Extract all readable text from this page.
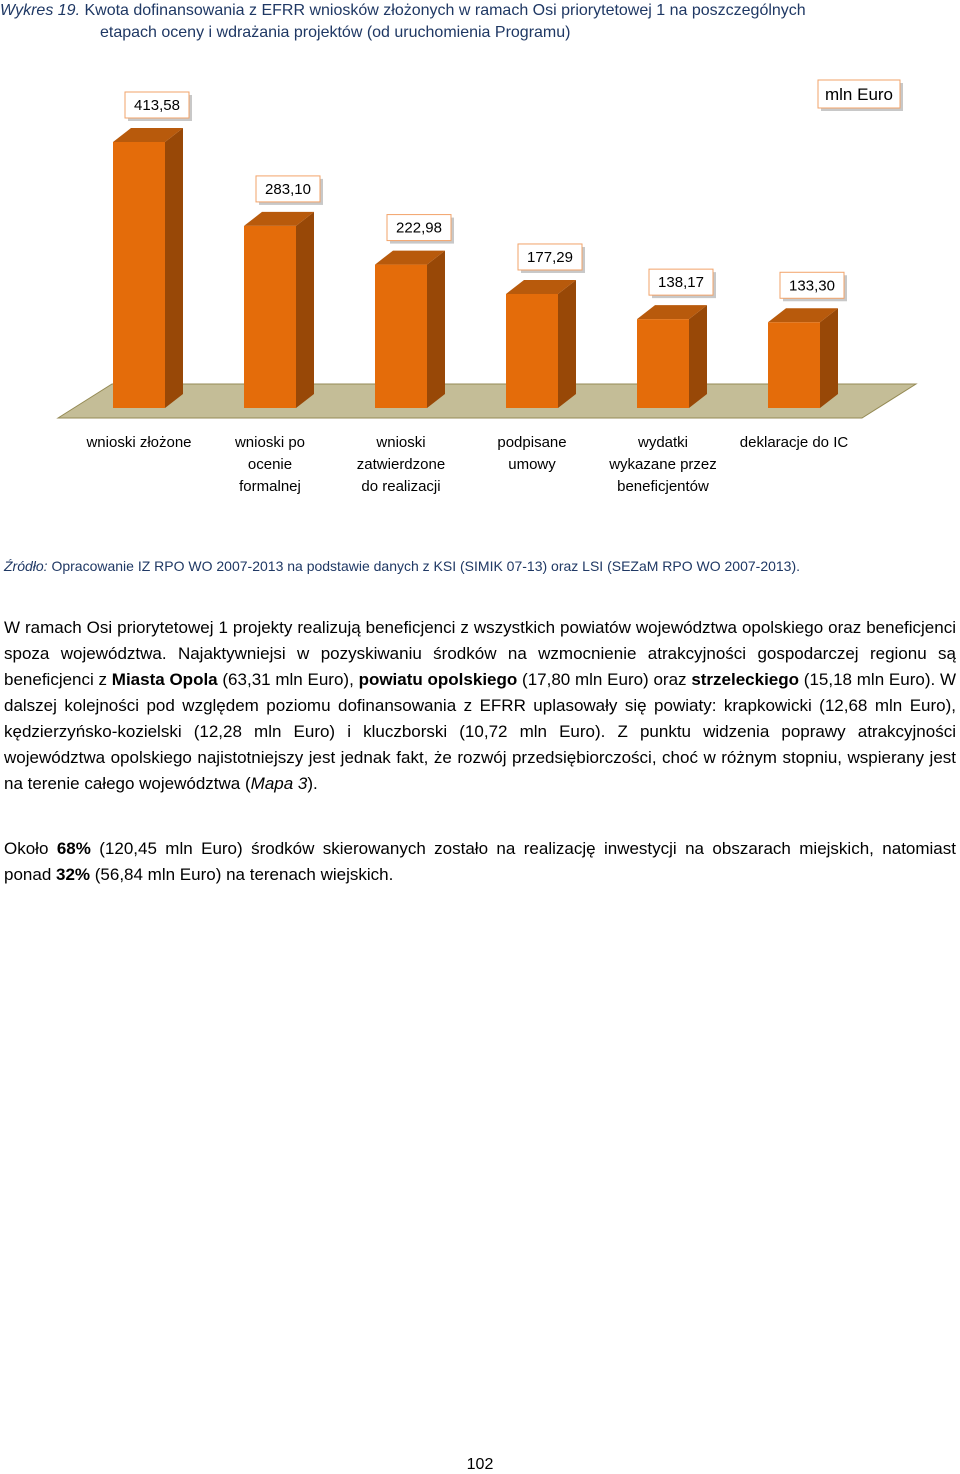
Wykres 19. Kwota dofinansowania z EFRR wniosków złożonych w ramach Osi priorytetowej 1 na poszczególnych
etapach oceny i wdrażania projektów (od uruchomienia Programu)
413,58
283,10
222,98
177,29
138,17	133,30
wnioski złożone	wnioski po
ocenie
formalnej
wnioski
zatwierdzone
do realizacji
podpisane
umowy
wydatki
wykazane przez
beneficjentów
deklaracje do IC
mln Euro
Źródło: Opracowanie IZ RPO WO 2007-2013 na podstawie danych z KSI (SIMIK 07-13) oraz LSI (SEZaM RPO WO 2007-2013).
W ramach Osi priorytetowej 1 projekty realizują beneficjenci z wszystkich powiatów województwa opolskiego oraz beneficjenci spoza województwa. Najaktywniejsi w pozyskiwaniu środków na wzmocnienie atrakcyjności gospodarczej regionu są beneficjenci z Miasta Opola (63,31 mln Euro), powiatu opolskiego (17,80 mln Euro) oraz strzeleckiego (15,18 mln Euro). W dalszej kolejności pod względem poziomu dofinansowania z EFRR uplasowały się powiaty: krapkowicki (12,68 mln Euro), kędzierzyńsko-kozielski (12,28 mln Euro) i kluczborski (10,72 mln Euro). Z punktu widzenia poprawy atrakcyjności województwa opolskiego najistotniejszy jest jednak fakt, że rozwój przedsiębiorczości, choć w różnym stopniu, wspierany jest na terenie całego województwa (Mapa 3).
Około 68% (120,45 mln Euro) środków skierowanych zostało na realizację inwestycji na obszarach miejskich, natomiast ponad 32% (56,84 mln Euro) na terenach wiejskich.
102
